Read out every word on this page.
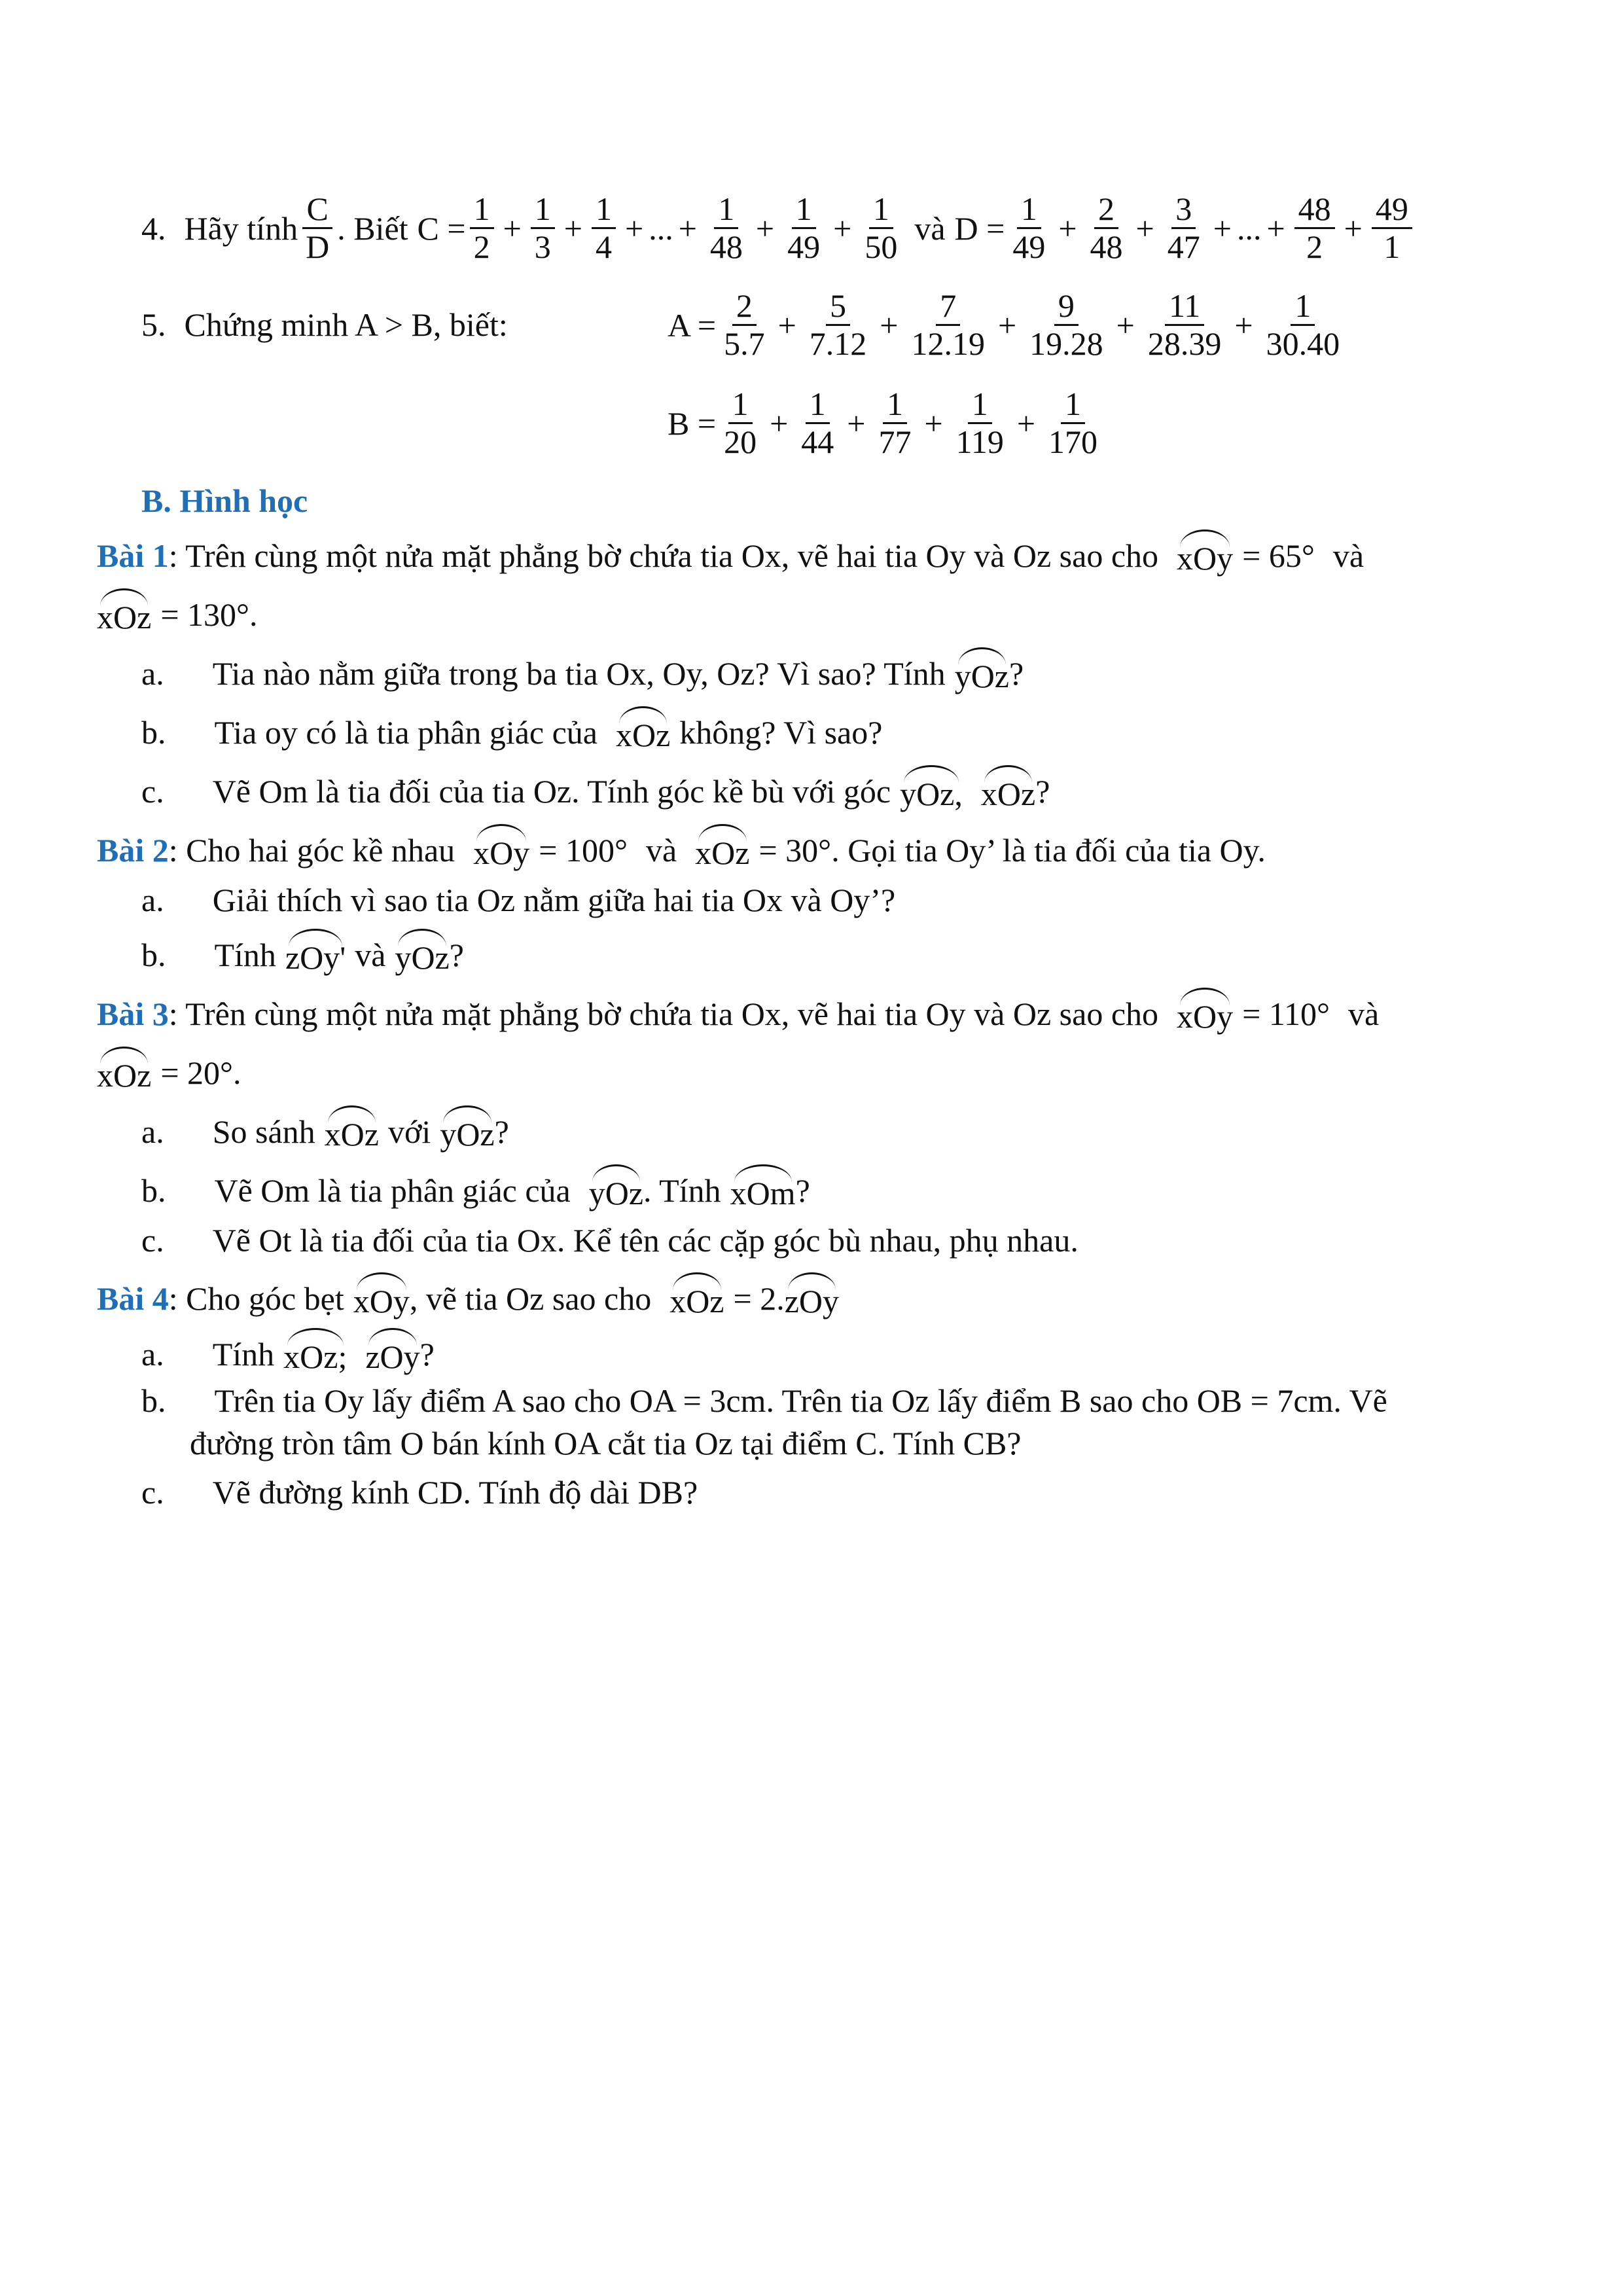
4. Hãy tính $\frac{C}{D}$ . Biết $C = \frac{1}{2} + \frac{1}{3} + \frac{1}{4}$ + ... + $\frac{1}{48} + \frac{1}{49} + \frac{1}{50}$ và $D = \frac{1}{49} + \frac{2}{48} + \frac{3}{47}$ + ... + $\frac{48}{2} + \frac{49}{1}$
5. Chứng minh A > B, biết:	$A = \frac{2}{5.7} + \frac{5}{7.12} + \frac{7}{12.19} + \frac{9}{19.28} + \frac{11}{28.39} + \frac{1}{30.40}$
$B = \frac{1}{20} + \frac{1}{44} + \frac{1}{77} + \frac{1}{119} + \frac{1}{170}$
B. Hình học
Bài 1 : Trên cùng một nửa mặt phẳng bờ chứa tia Ox, vẽ hai tia Oy và Oz sao cho xOy = 65° và
xOz = 130°.
a. Tia nào nằm giữa trong ba tia Ox, Oy, Oz? Vì sao? Tính yOz ?
b. Tia oy có là tia phân giác của xOz không? Vì sao?
c. Vẽ Om là tia đối của tia Oz. Tính góc kề bù với góc yOz, xOz ?
Bài 2 : Cho hai góc kề nhau xOy = 100° và xOz = 30° . Gọi tia Oy’ là tia đối của tia Oy.
a. Giải thích vì sao tia Oz nằm giữa hai tia Ox và Oy’?
b. Tính zOy' và yOz ?
Bài 3 : Trên cùng một nửa mặt phẳng bờ chứa tia Ox, vẽ hai tia Oy và Oz sao cho xOy = 110° và
xOz = 20°.
a. So sánh xOz với yOz ?
b. Vẽ Om là tia phân giác của yOz . Tính xOm ?
c. Vẽ Ot là tia đối của tia Ox. Kể tên các cặp góc bù nhau, phụ nhau.
Bài 4 : Cho góc bẹt xOy , vẽ tia Oz sao cho xOz = 2. zOy
a. Tính xOz; zOy ?
b. Trên tia Oy lấy điểm A sao cho OA = 3cm. Trên tia Oz lấy điểm B sao cho OB = 7cm. Vẽ
đường tròn tâm O bán kính OA cắt tia Oz tại điểm C. Tính CB?
c. Vẽ đường kính CD. Tính độ dài DB?
